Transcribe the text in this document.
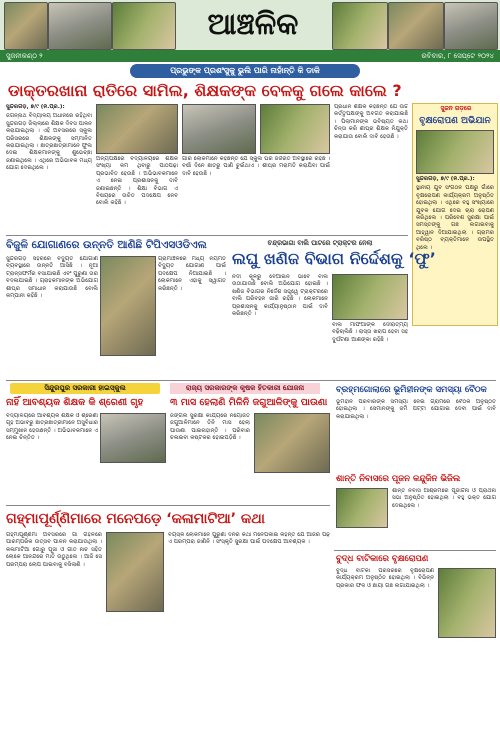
ଆଞ୍ଚଳିକ
ସୁଜନୀକଣ୍ଠ ୨	ରବିବାର, ୮ ସେପ୍ଟେ ୨୦୨୪
ପ୍ରଭୁଙ୍କ ପ୍ରଶଂସୁକୁ ଭୁଲି ପାରି ନାହାଁନ୍ତି କି ଡାକି
ଡାକ୍ତରଖାନା ରାତିରେ ସାମିଲ, ଶିକ୍ଷକଙ୍କ ବେଳକୁ ଗଲେ କାଲେ ?

ସୁନ୍ଦରଗଡ଼, ୭/୯ (ନି.ପ୍ର.):

ଜଗନ୍ନାଥ ବିଦ୍ୟାଳୟ ଅଧୀନରେ ରହିଥିବା ସୁନ୍ଦରଗଡ଼ ଜିଲ୍ଲାରେ ଶିକ୍ଷକ ଦିବସ ପାଳନ କରାଯାଇଥିଲା । ଏହି ଅବସରରେ ସ୍କୁଲ ପରିସରରେ ଶିକ୍ଷକଙ୍କୁ ସମ୍ମାନିତ କରାଯାଇଥିଲା । ଛାତ୍ରଛାତ୍ରୀମାନେ ଫୁଲ ଦେଇ ଶିକ୍ଷକମାନଙ୍କୁ ଶୁଭେଚ୍ଛା ଜଣାଇଥିଲେ । ଏଥିରେ ଅଭିଭାବକ ମଧ୍ୟ ଯୋଗ ଦେଇଥିଲେ ।

ଅନ୍ୟପକ୍ଷରେ ବିଦ୍ୟାଳୟରେ ଶିକ୍ଷକ ସଂଖ୍ୟା କମ ଥିବାରୁ ପାଠପଢ଼ା ପ୍ରଭାବିତ ହେଉଛି । ଅଭିଭାବକମାନେ ଏ ନେଇ ପ୍ରଶାସନକୁ ଦାବି ଜଣାଇଛନ୍ତି । ଶିକ୍ଷା ବିଭାଗ ଏ ବିଷୟରେ ଉଚିତ ପଦକ୍ଷେପ ନେବ ବୋଲି କହିଛି ।

ଗାଁର ଲୋକମାନେ କହିଛନ୍ତି ଯେ ସ୍କୁଲ ଘର ଜର୍ଜରିତ ଅବସ୍ଥାରେ ରହିଛି । ବର୍ଷା ଦିନେ ଛାତରୁ ପାଣି ଚୁଇଁଥାଏ । ଶୀଘ୍ର ମରାମତି କରାଯିବା ପାଇଁ ଦାବି ହେଉଛି ।

ପ୍ରଧାନ ଶିକ୍ଷକ କହିଛନ୍ତି ଯେ ଉଚ୍ଚ କର୍ତ୍ତୃପକ୍ଷଙ୍କୁ ଅବଗତ କରାଯାଇଛି । ପିଲାମାନଙ୍କ ଭବିଷ୍ୟତ କଥା ଚିନ୍ତା କରି ଶୀଘ୍ର ଶିକ୍ଷକ ନିଯୁକ୍ତି କରାଯାଉ ବୋଲି ଦାବି ହେଉଛି ।

ସୁଜନ ଗଡ଼ରେ
ବୃକ୍ଷରୋପଣ ଅଭିଯାନ

ସୁନ୍ଦରଗଡ଼, ୭/୯ (ନି.ପ୍ର.):

ସ୍ଥାନୀୟ ଯୁବ ସଂଗଠନ ପକ୍ଷରୁ ଗାଁରେ ବୃକ୍ଷରୋପଣ କାର୍ଯ୍ୟକ୍ରମ ଅନୁଷ୍ଠିତ ହୋଇଥିଲା । ଏଥିରେ ବହୁ ସଂଖ୍ୟାରେ ଯୁବକ ଯୋଗ ଦେଇ ଚାରା ରୋପଣ କରିଥିଲେ । ପରିବେଶ ସୁରକ୍ଷା ପାଇଁ ସମସ୍ତଙ୍କୁ ଗଛ ଲଗାଇବାକୁ ଆହ୍ୱାନ ଦିଆଯାଇଥିଲା । ଗ୍ରାମର ବରିଷ୍ଠ ବ୍ୟକ୍ତିମାନେ ଉପସ୍ଥିତ ଥିଲେ ।

ବିଜୁଳି ଯୋଗାଣରେ ଉନ୍ନତି ଆଣିଛି ଟିପିଏସଓଡିଏଲ

ସୁନ୍ଦରଗଡ଼ ସହରରେ ବିଦ୍ୟୁତ ଯୋଗାଣ ବ୍ୟବସ୍ଥାରେ ଉନ୍ନତି ଆସିଛି । ନୂଆ ଟ୍ରାନ୍ସଫର୍ମର ବସାଯାଇଛି ଏବଂ ପୁରୁଣା ତାର ବଦଳାଯାଇଛି । ଗ୍ରାହକମାନଙ୍କ ଅଭିଯୋଗ ଶୀଘ୍ର ସମାଧାନ କରାଯାଉଛି ବୋଲି କମ୍ପାନୀ କହିଛି ।

ଗ୍ରାମାଞ୍ଚଳରେ ମଧ୍ୟ ନିୟମିତ ବିଦ୍ୟୁତ ଯୋଗାଣ ପାଇଁ ପଦକ୍ଷେପ ନିଆଯାଇଛି । ଲୋକମାନେ ଏହାକୁ ସ୍ୱାଗତ କରିଛନ୍ତି ।

ଚନ୍ଦ୍ରଭାଗା ବାଲି ଘାଟରେ ଟ୍ରାକ୍ଟର ନେଲା
ଲଘୁ ଖଣିଜ ବିଭାଗ ନିର୍ଦ୍ଦେଶକୁ ‘ଫୁ’

ନଦୀ କୂଳରୁ ବେଆଇନ ଭାବେ ବାଲି ଉଠାଯାଉଛି ବୋଲି ଅଭିଯୋଗ ହୋଇଛି । ଖଣିଜ ବିଭାଗର ନିର୍ଦ୍ଦେଶ ସତ୍ତ୍ୱେ ଟ୍ରାକ୍ଟରରେ ବାଲି ପରିବହନ ଜାରି ରହିଛି । ଲୋକମାନେ ପ୍ରଶାସନକୁ କାର୍ଯ୍ୟାନୁଷ୍ଠାନ ପାଇଁ ଦାବି କରିଛନ୍ତି ।

ବାଲି ମାଫିଆଙ୍କ ଦୌରାତ୍ମ୍ୟ ବଢ଼ିଚାଲିଛି । ରାସ୍ତା ଖରାପ ହେବା ସହ ଦୁର୍ଘଟଣା ଆଶଙ୍କା ରହିଛି ।

ସିନ୍ଦୁରପୁର ସରକାରୀ ହାଇସ୍କୁଲ
ନାହିଁ ଆବଶ୍ୟକ ଶିକ୍ଷକ କି ଶ୍ରେଣୀ ଗୃହ

ବିଦ୍ୟାଳୟରେ ଆବଶ୍ୟକ ଶିକ୍ଷକ ଓ ଶ୍ରେଣୀ ଗୃହ ଅଭାବରୁ ଛାତ୍ରଛାତ୍ରୀମାନେ ଅସୁବିଧାର ସମ୍ମୁଖୀନ ହେଉଛନ୍ତି । ଅଭିଭାବକମାନେ ଏ ନେଇ ଚିନ୍ତିତ ।

ରାଜ୍ୟ ସରକାରଙ୍କ କୃଷକ ହିତକାରୀ ଯୋଜନା
୩ ମାସ ହେଲାଣି ମିଳିନି ଜଗୁଆଳିଙ୍କୁ ପାଉଣା

ଜଙ୍ଗଲ ସୁରକ୍ଷା କାର୍ଯ୍ୟରେ ନିୟୋଜିତ ଜଗୁଆଳିମାନେ ତିନି ମାସ ହେଲା ପାଉଣା ପାଇନାହାନ୍ତି । ପରିବାର ଚଳାଇବା କଷ୍ଟକର ହୋଇପଡ଼ିଛି ।

ବ୍ରହ୍ମଗୋଲାରେ ଭୂମିହୀନଙ୍କ ସମସ୍ୟା ବୈଠକ

ଭୂମିହୀନ ପରିବାରଙ୍କ ସମସ୍ୟା ନେଇ ଗ୍ରାମରେ ବୈଠକ ଅନୁଷ୍ଠିତ ହୋଇଥିଲା । ସେମାନଙ୍କୁ ଜମି ପଟ୍ଟା ଯୋଗାଇ ଦେବା ପାଇଁ ଦାବି କରାଯାଇଥିଲା ।

ଶାନ୍ତି ନିବାସରେ ପୂଜନ କନ୍ଦୁଜିନ ଭିଜିଲ

ଶାନ୍ତି ନିବାସ ଆଶ୍ରମରେ ପୂଜାର୍ଚ୍ଚନା ଓ ପ୍ରାର୍ଥନା ସଭା ଅନୁଷ୍ଠିତ ହୋଇଥିଲା । ବହୁ ଭକ୍ତ ଯୋଗ ଦେଇଥିଲେ ।

ଗହ୍ମାପୂର୍ଣ୍ଣିମାରେ ମନେପଡ଼େ ‘କଳାମାଟିଆ’ କଥା

ଗହ୍ମାପୂର୍ଣ୍ଣିମା ଅବସରରେ ଗାଁ ଗହଳିରେ ପାରମ୍ପରିକ ଉତ୍ସବ ପାଳନ କରାଯାଉଥିଲା । କଳାମାଟିଆ ଗୋରୁ ପୂଜା ଓ ଗୀତ ନାଚ ସହିତ ଲୋକେ ଆନନ୍ଦରେ ମାତି ଉଠୁଥିଲେ । ଆଜି ସେ ପରମ୍ପରା ଲୋପ ପାଇବାକୁ ବସିଲାଣି ।

ବୟସ୍କ ଲୋକମାନେ ପୁରୁଣା ଦିନର କଥା ମନେପକାଇ କହନ୍ତି ଯେ ଆଜିର ପିଢ଼ି ଏ ପରମ୍ପରା ଜାଣିନି । ସଂସ୍କୃତି ସୁରକ୍ଷା ପାଇଁ ପଦକ୍ଷେପ ଆବଶ୍ୟକ ।

ବୁଦ୍ଧ ବାଟିକାରେ ବୃକ୍ଷରୋପଣ

ବୁଦ୍ଧ ବାଟିକା ପରିସରରେ ବୃକ୍ଷରୋପଣ କାର୍ଯ୍ୟକ୍ରମ ଅନୁଷ୍ଠିତ ହୋଇଥିଲା । ବିଭିନ୍ନ ପ୍ରକାର ଫଳ ଓ ଛାୟା ଗଛ ଲଗାଯାଇଥିଲା ।
